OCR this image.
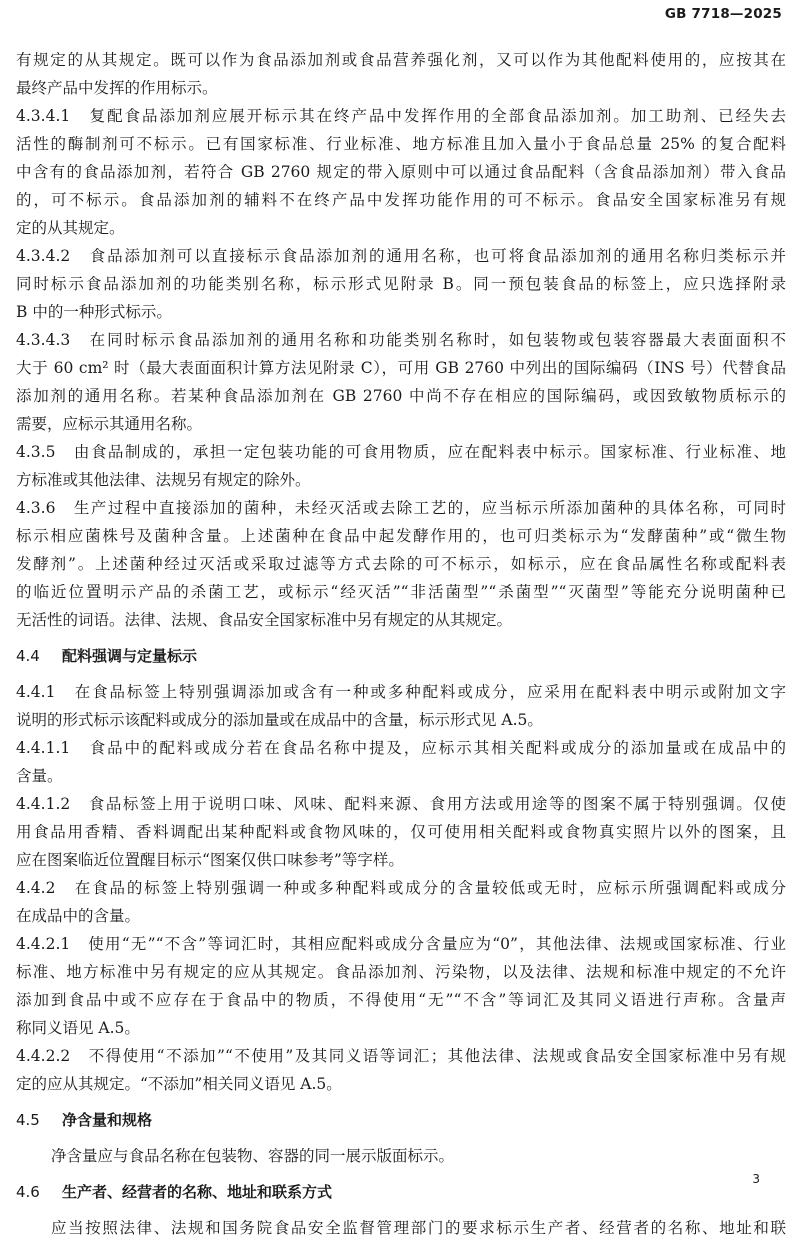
GB 7718—2025
有规定的从其规定。既可以作为食品添加剂或食品营养强化剂，又可以作为其他配料使用的，应按其在
最终产品中发挥的作用标示。
4.3.4.1　复配食品添加剂应展开标示其在终产品中发挥作用的全部食品添加剂。加工助剂、已经失去
活性的酶制剂可不标示。已有国家标准、行业标准、地方标准且加入量小于食品总量 25% 的复合配料
中含有的食品添加剂，若符合 GB 2760 规定的带入原则中可以通过食品配料（含食品添加剂）带入食品
的，可不标示。食品添加剂的辅料不在终产品中发挥功能作用的可不标示。食品安全国家标准另有规
定的从其规定。
4.3.4.2　食品添加剂可以直接标示食品添加剂的通用名称，也可将食品添加剂的通用名称归类标示并
同时标示食品添加剂的功能类别名称，标示形式见附录 B。同一预包装食品的标签上，应只选择附录
B 中的一种形式标示。
4.3.4.3　在同时标示食品添加剂的通用名称和功能类别名称时，如包装物或包装容器最大表面面积不
大于 60 cm² 时（最大表面面积计算方法见附录 C），可用 GB 2760 中列出的国际编码（INS 号）代替食品
添加剂的通用名称。若某种食品添加剂在 GB 2760 中尚不存在相应的国际编码，或因致敏物质标示的
需要，应标示其通用名称。
4.3.5　由食品制成的，承担一定包装功能的可食用物质，应在配料表中标示。国家标准、行业标准、地
方标准或其他法律、法规另有规定的除外。
4.3.6　生产过程中直接添加的菌种，未经灭活或去除工艺的，应当标示所添加菌种的具体名称，可同时
标示相应菌株号及菌种含量。上述菌种在食品中起发酵作用的，也可归类标示为“发酵菌种”或“微生物
发酵剂”。上述菌种经过灭活或采取过滤等方式去除的可不标示，如标示，应在食品属性名称或配料表
的临近位置明示产品的杀菌工艺，或标示“经灭活”“非活菌型”“杀菌型”“灭菌型”等能充分说明菌种已
无活性的词语。法律、法规、食品安全国家标准中另有规定的从其规定。
4.4 配料强调与定量标示
4.4.1　在食品标签上特别强调添加或含有一种或多种配料或成分，应采用在配料表中明示或附加文字
说明的形式标示该配料或成分的添加量或在成品中的含量，标示形式见 A.5。
4.4.1.1　食品中的配料或成分若在食品名称中提及，应标示其相关配料或成分的添加量或在成品中的
含量。
4.4.1.2　食品标签上用于说明口味、风味、配料来源、食用方法或用途等的图案不属于特别强调。仅使
用食品用香精、香料调配出某种配料或食物风味的，仅可使用相关配料或食物真实照片以外的图案，且
应在图案临近位置醒目标示“图案仅供口味参考”等字样。
4.4.2　在食品的标签上特别强调一种或多种配料或成分的含量较低或无时，应标示所强调配料或成分
在成品中的含量。
4.4.2.1　使用“无”“不含”等词汇时，其相应配料或成分含量应为“0”，其他法律、法规或国家标准、行业
标准、地方标准中另有规定的应从其规定。食品添加剂、污染物，以及法律、法规和标准中规定的不允许
添加到食品中或不应存在于食品中的物质，不得使用“无”“不含”等词汇及其同义语进行声称。含量声
称同义语见 A.5。
4.4.2.2　不得使用“不添加”“不使用”及其同义语等词汇；其他法律、法规或食品安全国家标准中另有规
定的应从其规定。“不添加”相关同义语见 A.5。
4.5 净含量和规格
净含量应与食品名称在包装物、容器的同一展示版面标示。
4.6 生产者、经营者的名称、地址和联系方式
应当按照法律、法规和国务院食品安全监督管理部门的要求标示生产者、经营者的名称、地址和联
3
